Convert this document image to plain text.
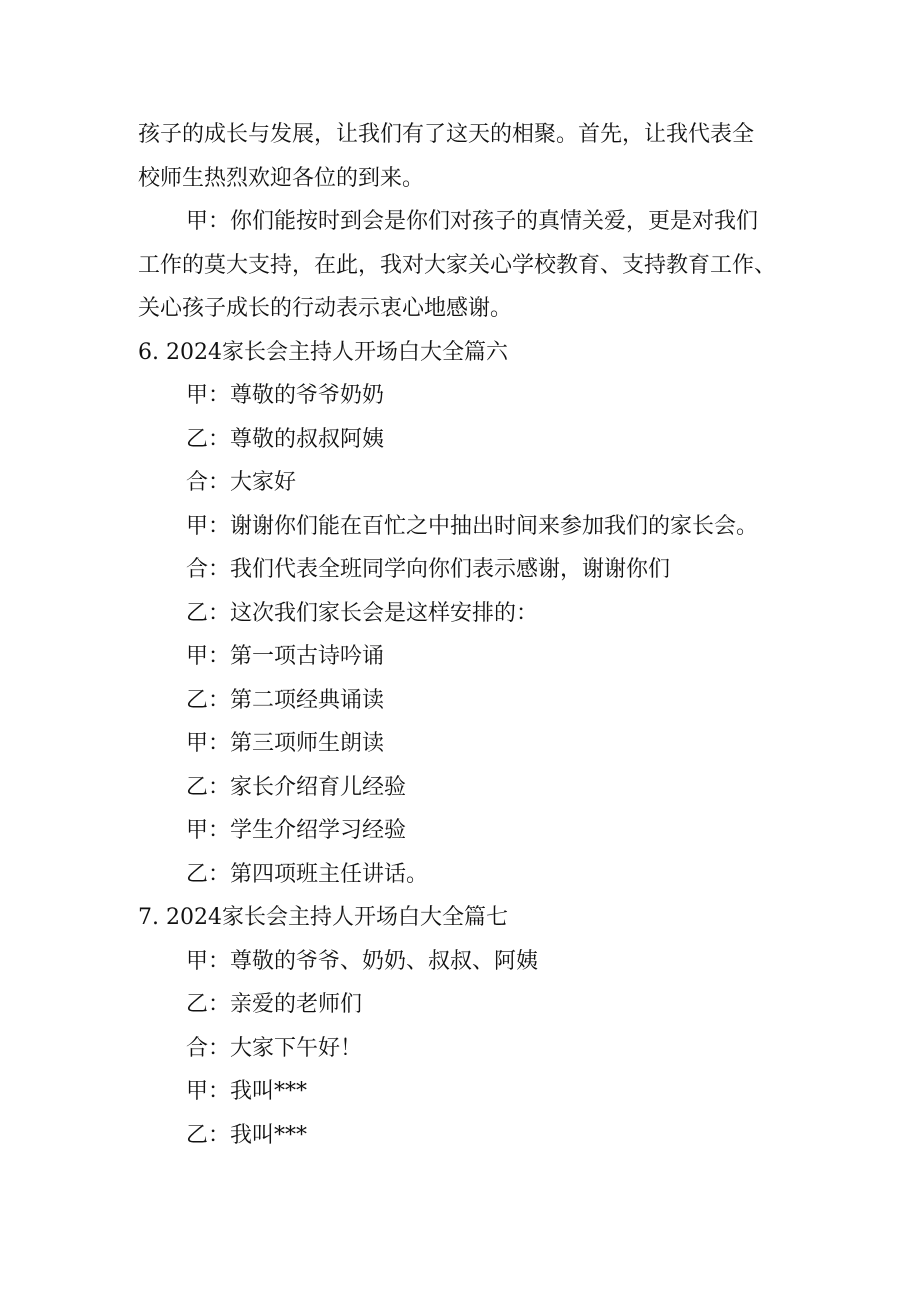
孩子的成长与发展，让我们有了这天的相聚。首先，让我代表全
校师生热烈欢迎各位的到来。
甲：你们能按时到会是你们对孩子的真情关爱，更是对我们
工作的莫大支持，在此，我对大家关心学校教育、支持教育工作、
关心孩子成长的行动表示衷心地感谢。
6. 2024家长会主持人开场白大全篇六
甲：尊敬的爷爷奶奶
乙：尊敬的叔叔阿姨
合：大家好
甲：谢谢你们能在百忙之中抽出时间来参加我们的家长会。
合：我们代表全班同学向你们表示感谢，谢谢你们
乙：这次我们家长会是这样安排的：
甲：第一项古诗吟诵
乙：第二项经典诵读
甲：第三项师生朗读
乙：家长介绍育儿经验
甲：学生介绍学习经验
乙：第四项班主任讲话。
7. 2024家长会主持人开场白大全篇七
甲：尊敬的爷爷、奶奶、叔叔、阿姨
乙：亲爱的老师们
合：大家下午好！
甲：我叫***
乙：我叫***
